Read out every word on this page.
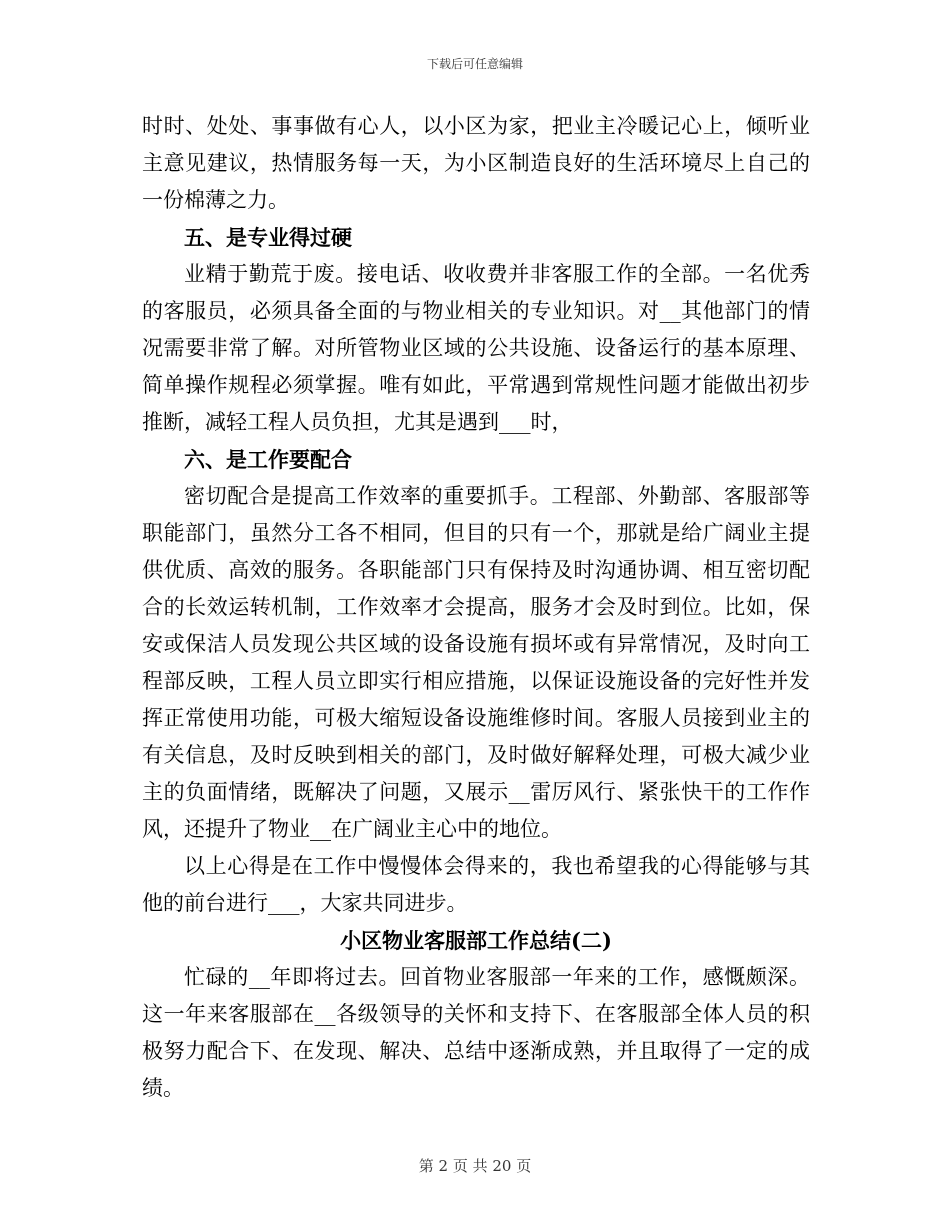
下载后可任意编辑

时时、处处、事事做有心人，以小区为家，把业主冷暖记心上，倾听业主意见建议，热情服务每一天，为小区制造良好的生活环境尽上自己的一份棉薄之力。

五、是专业得过硬

业精于勤荒于废。接电话、收收费并非客服工作的全部。一名优秀的客服员，必须具备全面的与物业相关的专业知识。对__其他部门的情况需要非常了解。对所管物业区域的公共设施、设备运行的基本原理、简单操作规程必须掌握。唯有如此，平常遇到常规性问题才能做出初步推断，减轻工程人员负担，尤其是遇到___时，

六、是工作要配合

密切配合是提高工作效率的重要抓手。工程部、外勤部、客服部等职能部门，虽然分工各不相同，但目的只有一个，那就是给广阔业主提供优质、高效的服务。各职能部门只有保持及时沟通协调、相互密切配合的长效运转机制，工作效率才会提高，服务才会及时到位。比如，保安或保洁人员发现公共区域的设备设施有损坏或有异常情况，及时向工程部反映，工程人员立即实行相应措施，以保证设施设备的完好性并发挥正常使用功能，可极大缩短设备设施维修时间。客服人员接到业主的有关信息，及时反映到相关的部门，及时做好解释处理，可极大减少业主的负面情绪，既解决了问题，又展示__雷厉风行、紧张快干的工作作风，还提升了物业__在广阔业主心中的地位。

以上心得是在工作中慢慢体会得来的，我也希望我的心得能够与其他的前台进行___，大家共同进步。

小区物业客服部工作总结(二)

忙碌的__年即将过去。回首物业客服部一年来的工作，感慨颇深。这一年来客服部在__各级领导的关怀和支持下、在客服部全体人员的积极努力配合下、在发现、解决、总结中逐渐成熟，并且取得了一定的成绩。

第 2 页 共 20 页
